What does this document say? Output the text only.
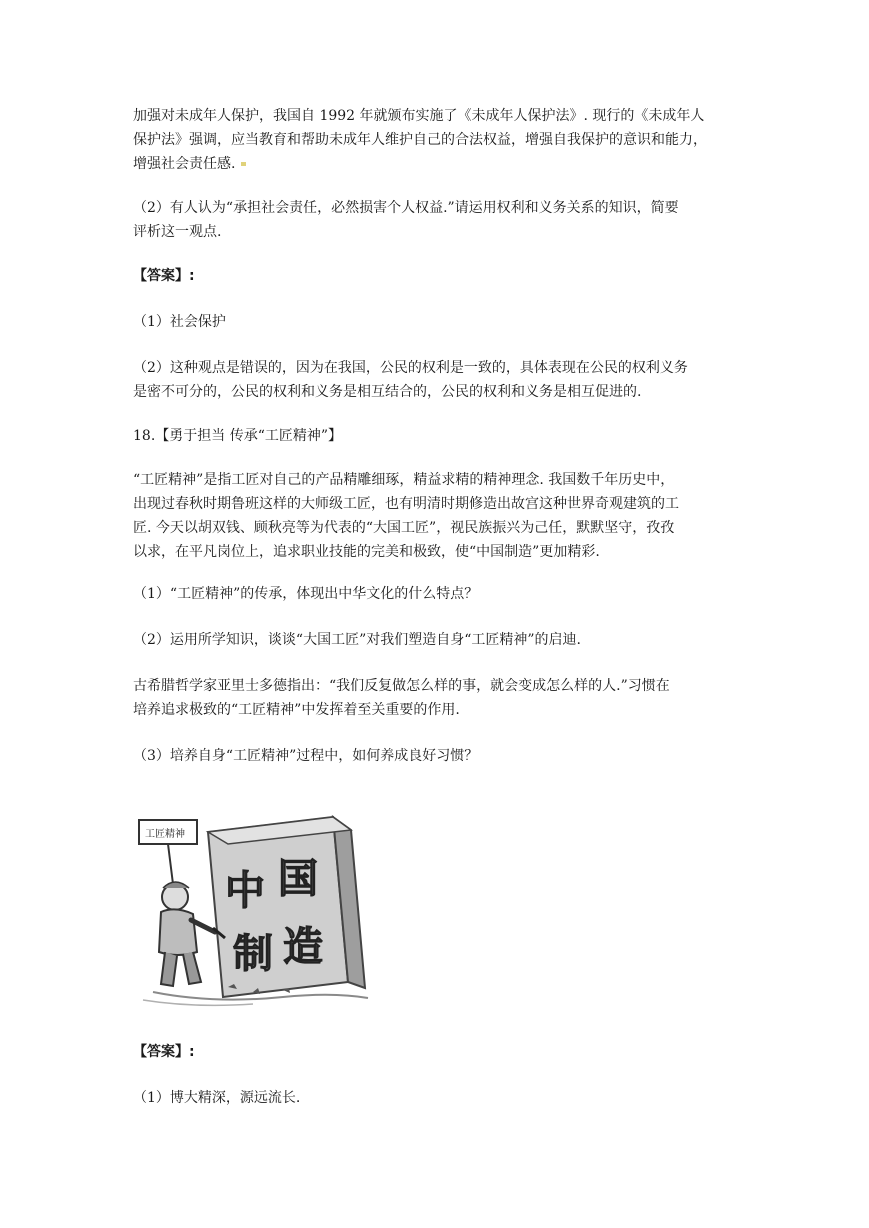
加强对未成年人保护，我国自 1992 年就颁布实施了《未成年人保护法》. 现行的《未成年人
保护法》强调，应当教育和帮助未成年人维护自己的合法权益，增强自我保护的意识和能力，
增强社会责任感.
（2）有人认为“承担社会责任，必然损害个人权益.”请运用权利和义务关系的知识，简要
评析这一观点.
【答案】:
（1）社会保护
（2）这种观点是错误的，因为在我国，公民的权利是一致的，具体表现在公民的权利义务
是密不可分的，公民的权利和义务是相互结合的，公民的权利和义务是相互促进的.
18.【勇于担当 传承“工匠精神”】
“工匠精神”是指工匠对自己的产品精雕细琢，精益求精的精神理念. 我国数千年历史中，
出现过春秋时期鲁班这样的大师级工匠，也有明清时期修造出故宫这种世界奇观建筑的工
匠. 今天以胡双钱、顾秋亮等为代表的“大国工匠”，视民族振兴为己任，默默坚守，孜孜
以求，在平凡岗位上，追求职业技能的完美和极致，使“中国制造”更加精彩.
（1）“工匠精神”的传承，体现出中华文化的什么特点？
（2）运用所学知识，谈谈“大国工匠”对我们塑造自身“工匠精神”的启迪.
古希腊哲学家亚里士多德指出：“我们反复做怎么样的事，就会变成怎么样的人.”习惯在
培养追求极致的“工匠精神”中发挥着至关重要的作用.
（3）培养自身“工匠精神”过程中，如何养成良好习惯？
中 国
制 造
工匠精神
【答案】:
（1）博大精深，源远流长.
